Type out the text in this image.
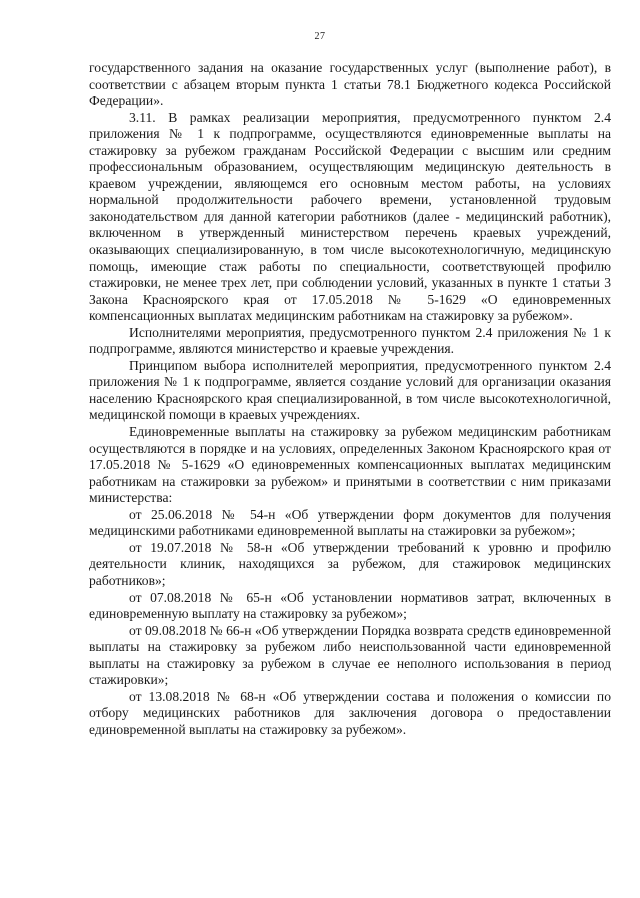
27

государственного задания на оказание государственных услуг (выполнение работ), в соответствии с абзацем вторым пункта 1 статьи 78.1 Бюджетного кодекса Российской Федерации».

3.11. В рамках реализации мероприятия, предусмотренного пунктом 2.4 приложения № 1 к подпрограмме, осуществляются единовременные выплаты на стажировку за рубежом гражданам Российской Федерации с высшим или средним профессиональным образованием, осуществляющим медицинскую деятельность в краевом учреждении, являющемся его основным местом работы, на условиях нормальной продолжительности рабочего времени, установленной трудовым законодательством для данной категории работников (далее - медицинский работник), включенном в утвержденный министерством перечень краевых учреждений, оказывающих специализированную, в том числе высокотехнологичную, медицинскую помощь, имеющие стаж работы по специальности, соответствующей профилю стажировки, не менее трех лет, при соблюдении условий, указанных в пункте 1 статьи 3 Закона Красноярского края от 17.05.2018 № 5-1629 «О единовременных компенсационных выплатах медицинским работникам на стажировку за рубежом».

Исполнителями мероприятия, предусмотренного пунктом 2.4 приложения № 1 к подпрограмме, являются министерство и краевые учреждения.

Принципом выбора исполнителей мероприятия, предусмотренного пунктом 2.4 приложения № 1 к подпрограмме, является создание условий для организации оказания населению Красноярского края специализированной, в том числе высокотехнологичной, медицинской помощи в краевых учреждениях.

Единовременные выплаты на стажировку за рубежом медицинским работникам осуществляются в порядке и на условиях, определенных Законом Красноярского края от 17.05.2018 № 5-1629 «О единовременных компенсационных выплатах медицинским работникам на стажировки за рубежом» и принятыми в соответствии с ним приказами министерства:

от 25.06.2018 № 54-н «Об утверждении форм документов для получения медицинскими работниками единовременной выплаты на стажировки за рубежом»;

от 19.07.2018 № 58-н «Об утверждении требований к уровню и профилю деятельности клиник, находящихся за рубежом, для стажировок медицинских работников»;

от 07.08.2018 № 65-н «Об установлении нормативов затрат, включенных в единовременную выплату на стажировку за рубежом»;

от 09.08.2018 № 66-н «Об утверждении Порядка возврата средств единовременной выплаты на стажировку за рубежом либо неиспользованной части единовременной выплаты на стажировку за рубежом в случае ее неполного использования в период стажировки»;

от 13.08.2018 № 68-н «Об утверждении состава и положения о комиссии по отбору медицинских работников для заключения договора о предоставлении единовременной выплаты на стажировку за рубежом».
